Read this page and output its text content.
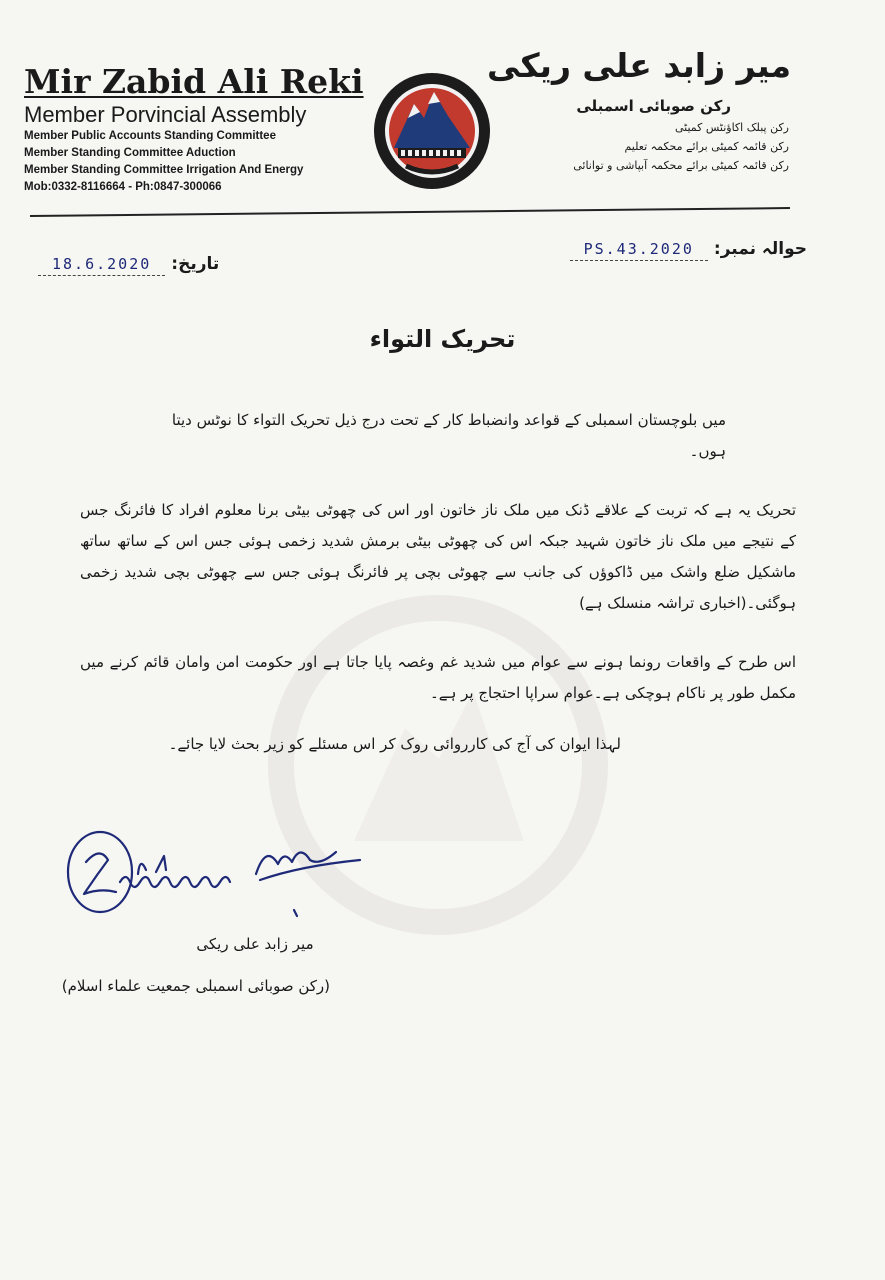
Mir Zabid Ali Reki
Member Porvincial Assembly
Member Public Accounts Standing Committee
Member Standing Committee Aduction
Member Standing Committee Irrigation And Energy
Mob:0332-8116664 - Ph:0847-300066
میر زابد علی ریکی
رکن صوبائی اسمبلی
رکن پبلک اکاؤنٹس کمیٹی
رکن قائمہ کمیٹی برائے محکمہ تعلیم
رکن قائمہ کمیٹی برائے محکمہ آبپاشی و توانائی
حوالہ نمبر:
PS.43.2020
تاریخ:
18.6.2020
تحریک التواء

میں بلوچستان اسمبلی کے قواعد وانضباط کار کے تحت درج ذیل تحریک التواء کا نوٹس دیتا ہوں۔

تحریک یہ ہے کہ تربت کے علاقے ڈنک میں ملک ناز خاتون اور اس کی چھوٹی بیٹی برنا معلوم افراد کا فائرنگ جس کے نتیجے میں ملک ناز خاتون شہید جبکہ اس کی چھوٹی بیٹی برمش شدید زخمی ہوئی جس اس کے ساتھ ساتھ ماشکیل ضلع واشک میں ڈاکوؤں کی جانب سے چھوٹی بچی پر فائرنگ ہوئی جس سے چھوٹی بچی شدید زخمی ہوگئی۔(اخباری تراشہ منسلک ہے)

اس طرح کے واقعات رونما ہونے سے عوام میں شدید غم وغصہ پایا جاتا ہے اور حکومت امن وامان قائم کرنے میں مکمل طور پر ناکام ہوچکی ہے۔عوام سراپا احتجاج پر ہے۔

لہذا ایوان کی آج کی کارروائی روک کر اس مسئلے کو زیر بحث لایا جائے۔

میر زابد علی ریکی
(رکن صوبائی اسمبلی جمعیت علماء اسلام)
